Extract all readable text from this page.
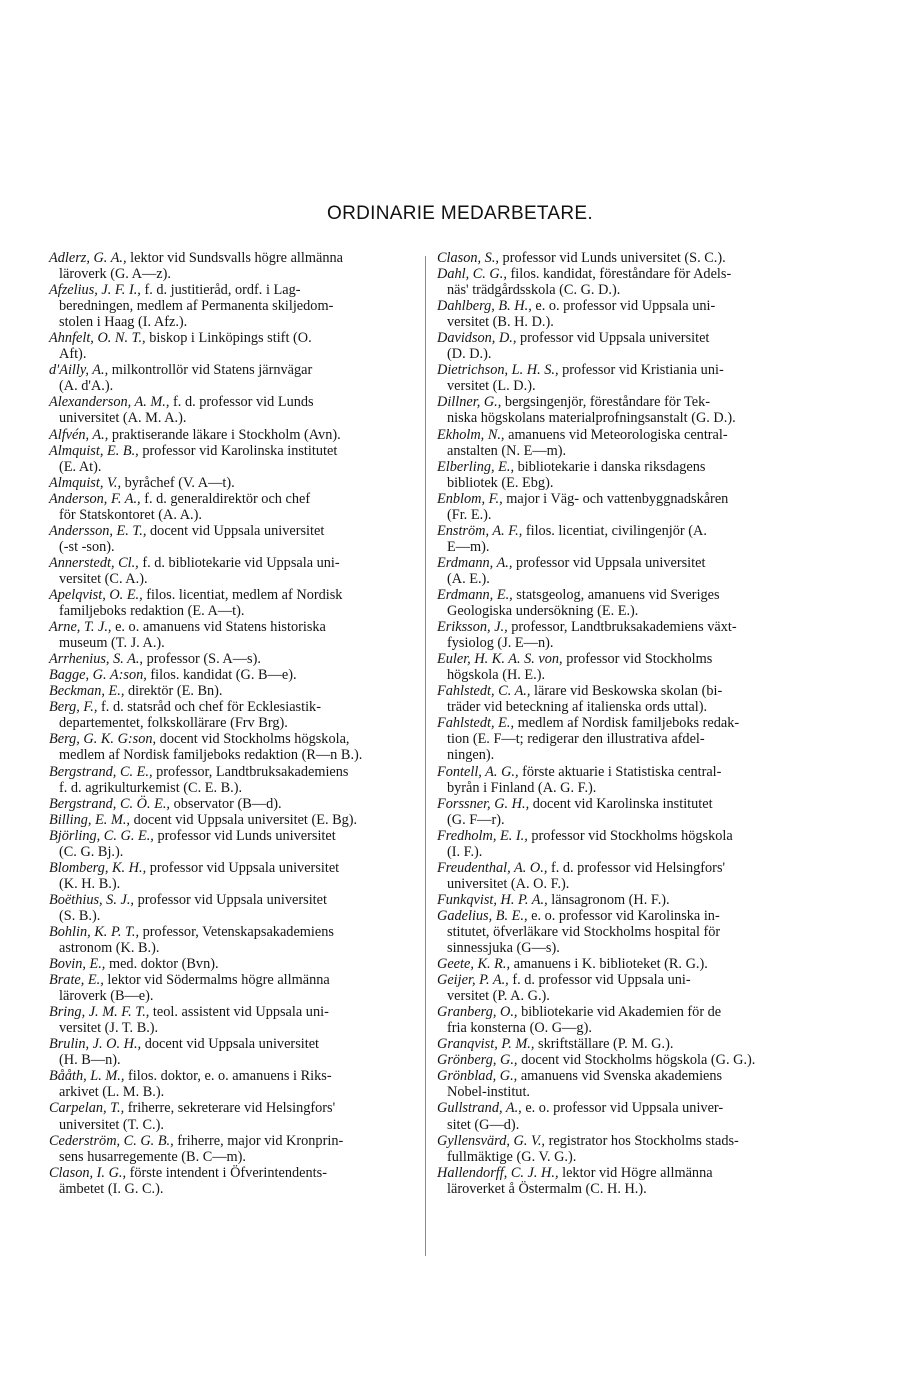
ORDINARIE MEDARBETARE.
Adlerz, G. A., lektor vid Sundsvalls högre allmänna
läroverk (G. A—z).
Afzelius, J. F. I., f. d. justitieråd, ordf. i Lag-
beredningen, medlem af Permanenta skiljedom-
stolen i Haag (I. Afz.).
Ahnfelt, O. N. T., biskop i Linköpings stift (O.
Aft).
d'Ailly, A., milkontrollör vid Statens järnvägar
(A. d'A.).
Alexanderson, A. M., f. d. professor vid Lunds
universitet (A. M. A.).
Alfvén, A., praktiserande läkare i Stockholm (Avn).
Almquist, E. B., professor vid Karolinska institutet
(E. At).
Almquist, V., byråchef (V. A—t).
Anderson, F. A., f. d. generaldirektör och chef
för Statskontoret (A. A.).
Andersson, E. T., docent vid Uppsala universitet
(-st -son).
Annerstedt, Cl., f. d. bibliotekarie vid Uppsala uni-
versitet (C. A.).
Apelqvist, O. E., filos. licentiat, medlem af Nordisk
familjeboks redaktion (E. A—t).
Arne, T. J., e. o. amanuens vid Statens historiska
museum (T. J. A.).
Arrhenius, S. A., professor (S. A—s).
Bagge, G. A:son, filos. kandidat (G. B—e).
Beckman, E., direktör (E. Bn).
Berg, F., f. d. statsråd och chef för Ecklesiastik-
departementet, folkskollärare (Frv Brg).
Berg, G. K. G:son, docent vid Stockholms högskola,
medlem af Nordisk familjeboks redaktion (R—n B.).
Bergstrand, C. E., professor, Landtbruksakademiens
f. d. agrikulturkemist (C. E. B.).
Bergstrand, C. Ö. E., observator (B—d).
Billing, E. M., docent vid Uppsala universitet (E. Bg).
Björling, C. G. E., professor vid Lunds universitet
(C. G. Bj.).
Blomberg, K. H., professor vid Uppsala universitet
(K. H. B.).
Boëthius, S. J., professor vid Uppsala universitet
(S. B.).
Bohlin, K. P. T., professor, Vetenskapsakademiens
astronom (K. B.).
Bovin, E., med. doktor (Bvn).
Brate, E., lektor vid Södermalms högre allmänna
läroverk (B—e).
Bring, J. M. F. T., teol. assistent vid Uppsala uni-
versitet (J. T. B.).
Brulin, J. O. H., docent vid Uppsala universitet
(H. B—n).
Bååth, L. M., filos. doktor, e. o. amanuens i Riks-
arkivet (L. M. B.).
Carpelan, T., friherre, sekreterare vid Helsingfors'
universitet (T. C.).
Cederström, C. G. B., friherre, major vid Kronprin-
sens husarregemente (B. C—m).
Clason, I. G., förste intendent i Öfverintendents-
ämbetet (I. G. C.).
Clason, S., professor vid Lunds universitet (S. C.).
Dahl, C. G., filos. kandidat, föreståndare för Adels-
näs' trädgårdsskola (C. G. D.).
Dahlberg, B. H., e. o. professor vid Uppsala uni-
versitet (B. H. D.).
Davidson, D., professor vid Uppsala universitet
(D. D.).
Dietrichson, L. H. S., professor vid Kristiania uni-
versitet (L. D.).
Dillner, G., bergsingenjör, föreståndare för Tek-
niska högskolans materialprofningsanstalt (G. D.).
Ekholm, N., amanuens vid Meteorologiska central-
anstalten (N. E—m).
Elberling, E., bibliotekarie i danska riksdagens
bibliotek (E. Ebg).
Enblom, F., major i Väg- och vattenbyggnadskåren
(Fr. E.).
Enström, A. F., filos. licentiat, civilingenjör (A.
E—m).
Erdmann, A., professor vid Uppsala universitet
(A. E.).
Erdmann, E., statsgeolog, amanuens vid Sveriges
Geologiska undersökning (E. E.).
Eriksson, J., professor, Landtbruksakademiens växt-
fysiolog (J. E—n).
Euler, H. K. A. S. von, professor vid Stockholms
högskola (H. E.).
Fahlstedt, C. A., lärare vid Beskowska skolan (bi-
träder vid beteckning af italienska ords uttal).
Fahlstedt, E., medlem af Nordisk familjeboks redak-
tion (E. F—t; redigerar den illustrativa afdel-
ningen).
Fontell, A. G., förste aktuarie i Statistiska central-
byrån i Finland (A. G. F.).
Forssner, G. H., docent vid Karolinska institutet
(G. F—r).
Fredholm, E. I., professor vid Stockholms högskola
(I. F.).
Freudenthal, A. O., f. d. professor vid Helsingfors'
universitet (A. O. F.).
Funkqvist, H. P. A., länsagronom (H. F.).
Gadelius, B. E., e. o. professor vid Karolinska in-
stitutet, öfverläkare vid Stockholms hospital för
sinnessjuka (G—s).
Geete, K. R., amanuens i K. biblioteket (R. G.).
Geijer, P. A., f. d. professor vid Uppsala uni-
versitet (P. A. G.).
Granberg, O., bibliotekarie vid Akademien för de
fria konsterna (O. G—g).
Granqvist, P. M., skriftställare (P. M. G.).
Grönberg, G., docent vid Stockholms högskola (G. G.).
Grönblad, G., amanuens vid Svenska akademiens
Nobel-institut.
Gullstrand, A., e. o. professor vid Uppsala univer-
sitet (G—d).
Gyllensvärd, G. V., registrator hos Stockholms stads-
fullmäktige (G. V. G.).
Hallendorff, C. J. H., lektor vid Högre allmänna
läroverket å Östermalm (C. H. H.).
